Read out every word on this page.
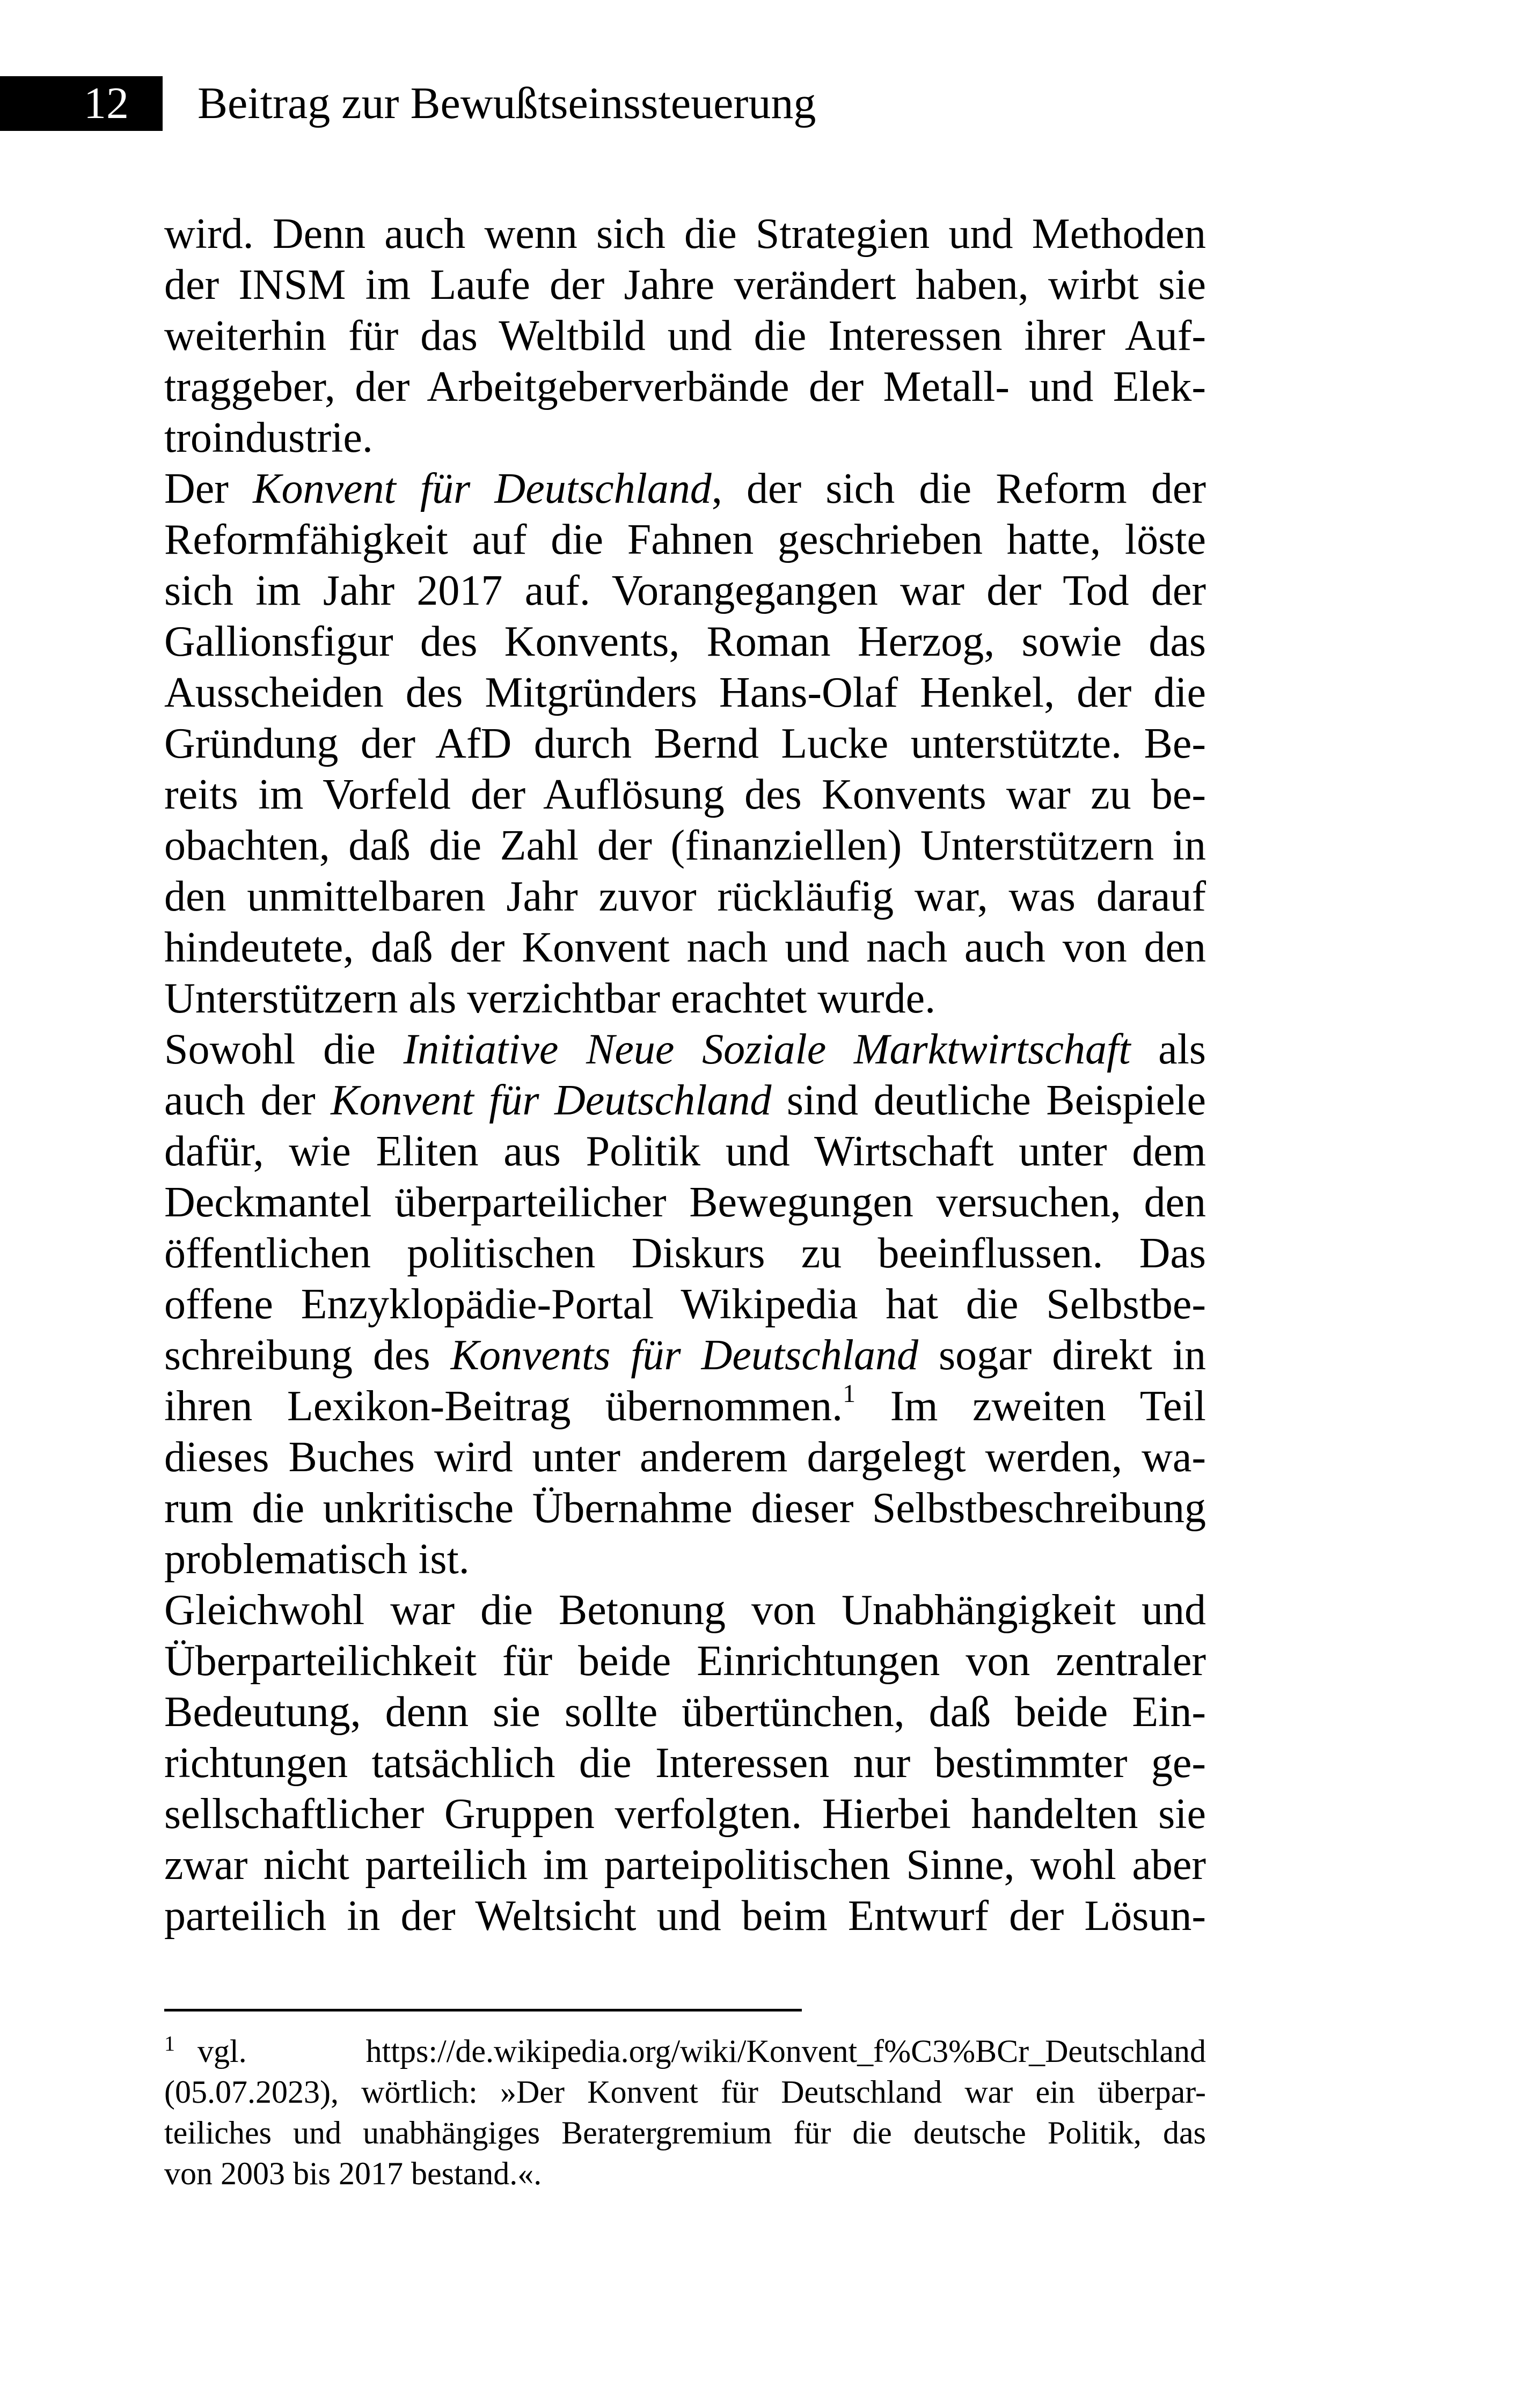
12 Beitrag zur Bewußtseinssteuerung
wird. Denn auch wenn sich die Strategien und Methoden
der INSM im Laufe der Jahre verändert haben, wirbt sie
weiterhin für das Weltbild und die Interessen ihrer Auf-
traggeber, der Arbeitgeberverbände der Metall- und Elek-
troindustrie.
Der Konvent für Deutschland, der sich die Reform der
Reformfähigkeit auf die Fahnen geschrieben hatte, löste
sich im Jahr 2017 auf. Vorangegangen war der Tod der
Gallionsfigur des Konvents, Roman Herzog, sowie das
Ausscheiden des Mitgründers Hans-Olaf Henkel, der die
Gründung der AfD durch Bernd Lucke unterstützte. Be-
reits im Vorfeld der Auflösung des Konvents war zu be-
obachten, daß die Zahl der (finanziellen) Unterstützern in
den unmittelbaren Jahr zuvor rückläufig war, was darauf
hindeutete, daß der Konvent nach und nach auch von den
Unterstützern als verzichtbar erachtet wurde.
Sowohl die Initiative Neue Soziale Marktwirtschaft als
auch der Konvent für Deutschland sind deutliche Beispiele
dafür, wie Eliten aus Politik und Wirtschaft unter dem
Deckmantel überparteilicher Bewegungen versuchen, den
öffentlichen politischen Diskurs zu beeinflussen. Das
offene Enzyklopädie-Portal Wikipedia hat die Selbstbe-
schreibung des Konvents für Deutschland sogar direkt in
ihren Lexikon-Beitrag übernommen.$^1$ Im zweiten Teil
dieses Buches wird unter anderem dargelegt werden, wa-
rum die unkritische Übernahme dieser Selbstbeschreibung
problematisch ist.
Gleichwohl war die Betonung von Unabhängigkeit und
Überparteilichkeit für beide Einrichtungen von zentraler
Bedeutung, denn sie sollte übertünchen, daß beide Ein-
richtungen tatsächlich die Interessen nur bestimmter ge-
sellschaftlicher Gruppen verfolgten. Hierbei handelten sie
zwar nicht parteilich im parteipolitischen Sinne, wohl aber
parteilich in der Weltsicht und beim Entwurf der Lösun-
1 vgl. https://de.wikipedia.org/wiki/Konvent_f%C3%BCr_Deutschland
(05.07.2023), wörtlich: »Der Konvent für Deutschland war ein überpar-
teiliches und unabhängiges Beratergremium für die deutsche Politik, das
von 2003 bis 2017 bestand.«.
